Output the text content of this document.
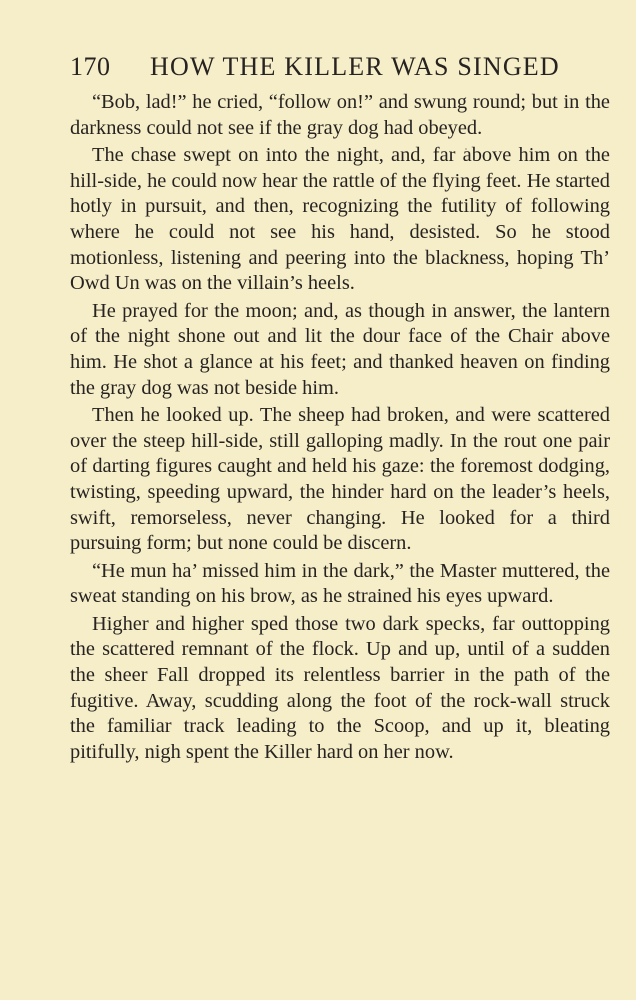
170 HOW THE KILLER WAS SINGED

“Bob, lad!” he cried, “follow on!” and swung round; but in the darkness could not see if the gray dog had obeyed.

The chase swept on into the night, and, far above him on the hill-side, he could now hear the rattle of the flying feet. He started hotly in pursuit, and then, recognizing the futility of following where he could not see his hand, desisted. So he stood motionless, listening and peering into the blackness, hoping Th’ Owd Un was on the villain’s heels.

He prayed for the moon; and, as though in answer, the lantern of the night shone out and lit the dour face of the Chair above him. He shot a glance at his feet; and thanked heaven on finding the gray dog was not beside him.

Then he looked up. The sheep had broken, and were scattered over the steep hill-side, still galloping madly. In the rout one pair of darting figures caught and held his gaze: the foremost dodging, twisting, speeding upward, the hinder hard on the leader’s heels, swift, remorseless, never changing. He looked for a third pursuing form; but none could be discern.

“He mun ha’ missed him in the dark,” the Master muttered, the sweat standing on his brow, as he strained his eyes upward.

Higher and higher sped those two dark specks, far outtopping the scattered remnant of the flock. Up and up, until of a sudden the sheer Fall dropped its relentless barrier in the path of the fugitive. Away, scudding along the foot of the rock-wall struck the familiar track leading to the Scoop, and up it, bleating pitifully, nigh spent the Killer hard on her now.
